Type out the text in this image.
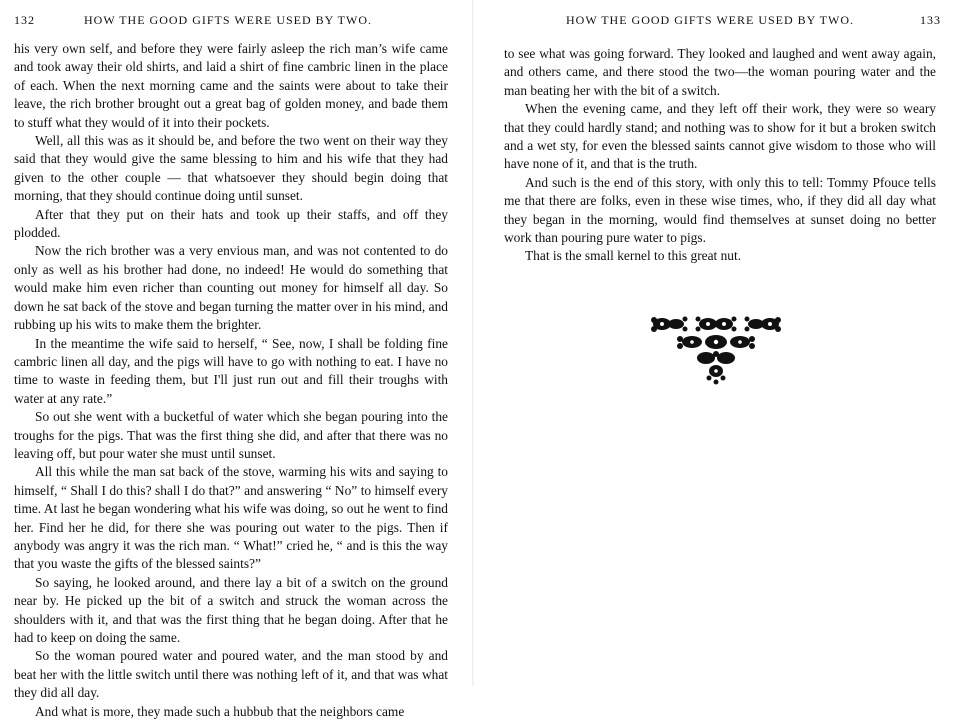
132	HOW THE GOOD GIFTS WERE USED BY TWO.

his very own self, and before they were fairly asleep the rich man’s wife came and took away their old shirts, and laid a shirt of fine cambric linen in the place of each. When the next morning came and the saints were about to take their leave, the rich brother brought out a great bag of golden money, and bade them to stuff what they would of it into their pockets.

Well, all this was as it should be, and before the two went on their way they said that they would give the same blessing to him and his wife that they had given to the other couple — that whatsoever they should begin doing that morning, that they should continue doing until sunset.

After that they put on their hats and took up their staffs, and off they plodded.

Now the rich brother was a very envious man, and was not contented to do only as well as his brother had done, no indeed! He would do something that would make him even richer than counting out money for himself all day. So down he sat back of the stove and began turning the matter over in his mind, and rubbing up his wits to make them the brighter.

In the meantime the wife said to herself, “ See, now, I shall be folding fine cambric linen all day, and the pigs will have to go with nothing to eat. I have no time to waste in feeding them, but I'll just run out and fill their troughs with water at any rate.”

So out she went with a bucketful of water which she began pouring into the troughs for the pigs. That was the first thing she did, and after that there was no leaving off, but pour water she must until sunset.

All this while the man sat back of the stove, warming his wits and saying to himself, “ Shall I do this? shall I do that?” and answering “ No” to himself every time. At last he began wondering what his wife was doing, so out he went to find her. Find her he did, for there she was pouring out water to the pigs. Then if anybody was angry it was the rich man. “ What!” cried he, “ and is this the way that you waste the gifts of the blessed saints?”

So saying, he looked around, and there lay a bit of a switch on the ground near by. He picked up the bit of a switch and struck the woman across the shoulders with it, and that was the first thing that he began doing. After that he had to keep on doing the same.

So the woman poured water and poured water, and the man stood by and beat her with the little switch until there was nothing left of it, and that was what they did all day.

And what is more, they made such a hubbub that the neighbors came

HOW THE GOOD GIFTS WERE USED BY TWO.	133

to see what was going forward. They looked and laughed and went away again, and others came, and there stood the two—the woman pouring water and the man beating her with the bit of a switch.

When the evening came, and they left off their work, they were so weary that they could hardly stand; and nothing was to show for it but a broken switch and a wet sty, for even the blessed saints cannot give wisdom to those who will have none of it, and that is the truth.

And such is the end of this story, with only this to tell: Tommy Pfouce tells me that there are folks, even in these wise times, who, if they did all day what they began in the morning, would find themselves at sunset doing no better work than pouring pure water to pigs.

That is the small kernel to this great nut.
